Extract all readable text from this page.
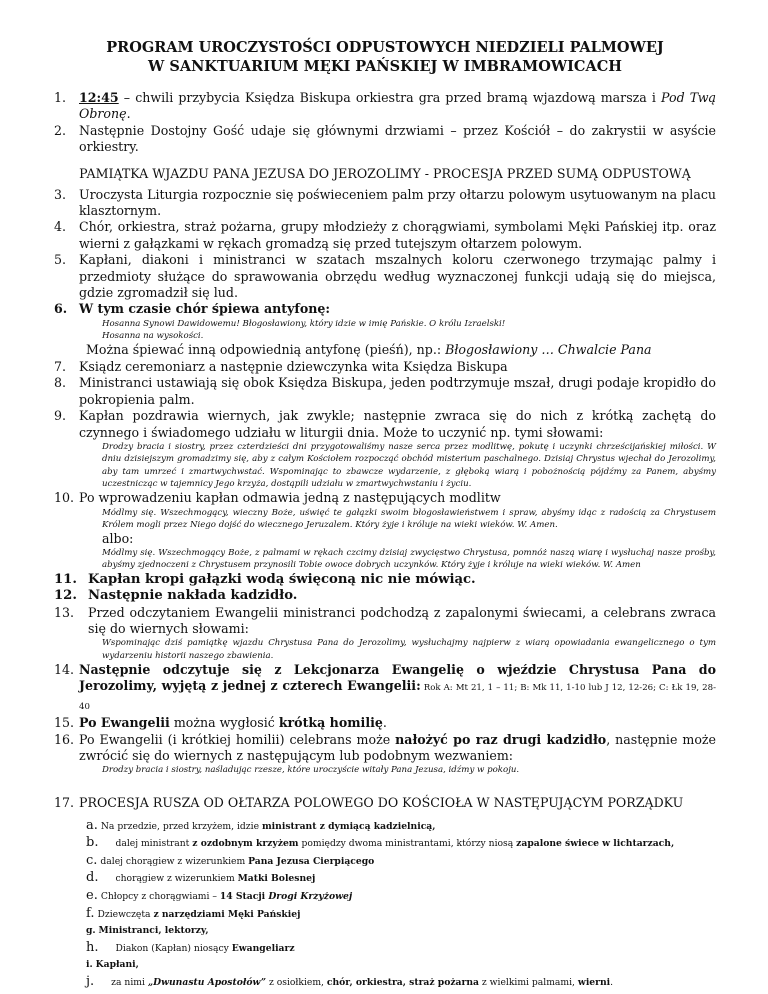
PROGRAM UROCZYSTOŚCI ODPUSTOWYCH NIEDZIELI PALMOWEJ

W SANKTUARIUM MĘKI PAŃSKIEJ W IMBRAMOWICACH

1. 12:45 – chwili przybycia Księdza Biskupa orkiestra gra przed bramą wjazdową marsza i Pod Twą Obronę.
2. Następnie Dostojny Gość udaje się głównymi drzwiami – przez Kościół – do zakrystii w asyście orkiestry.
PAMIĄTKA WJAZDU PANA JEZUSA DO JEROZOLIMY - PROCESJA PRZED SUMĄ ODPUSTOWĄ
3. Uroczysta Liturgia rozpocznie się poświeceniem palm przy ołtarzu polowym usytuowanym na placu klasztornym.
4. Chór, orkiestra, straż pożarna, grupy młodzieży z chorągwiami, symbolami Męki Pańskiej itp. oraz wierni z gałązkami w rękach gromadzą się przed tutejszym ołtarzem polowym.
5. Kapłani, diakoni i ministranci w szatach mszalnych koloru czerwonego trzymając palmy i przedmioty służące do sprawowania obrzędu według wyznaczonej funkcji udają się do miejsca, gdzie zgromadził się lud.
6. W tym czasie chór śpiewa antyfonę:
Hosanna Synowi Dawidowemu! Błogosławiony, który idzie w imię Pańskie. O królu Izraelski!
Hosanna na wysokości.
Można śpiewać inną odpowiednią antyfonę (pieśń), np.: Błogosławiony … Chwalcie Pana
7. Ksiądz ceremoniarz a następnie dziewczynka wita Księdza Biskupa
8. Ministranci ustawiają się obok Księdza Biskupa, jeden podtrzymuje mszał, drugi podaje kropidło do pokropienia palm.
9. Kapłan pozdrawia wiernych, jak zwykle; następnie zwraca się do nich z krótką zachętą do czynnego i świadomego udziału w liturgii dnia. Może to uczynić np. tymi słowami:
Drodzy bracia i siostry, przez czterdzieści dni przygotowaliśmy nasze serca przez modlitwę, pokutę i uczynki chrześcijańskiej miłości. W dniu dzisiejszym gromadzimy się, aby z całym Kościołem rozpocząć obchód misterium paschalnego. Dzisiaj Chrystus wjechał do Jerozolimy, aby tam umrzeć i zmartwychwstać. Wspominając to zbawcze wydarzenie, z głęboką wiarą i pobożnością pójdźmy za Panem, abyśmy uczestnicząc w tajemnicy Jego krzyża, dostąpili udziału w zmartwychwstaniu i życiu.
10. Po wprowadzeniu kapłan odmawia jedną z następujących modlitw
Módlmy się. Wszechmogący, wieczny Boże, uświęć te gałązki swoim błogosławieństwem i spraw, abyśmy idąc z radością za Chrystusem Królem mogli przez Niego dojść do wiecznego Jeruzalem. Który żyje i króluje na wieki wieków. W. Amen.
albo:
Módlmy się. Wszechmogący Boże, z palmami w rękach czcimy dzisiaj zwycięstwo Chrystusa, pomnóż naszą wiarę i wysłuchaj nasze prośby, abyśmy zjednoczeni z Chrystusem przynosili Tobie owoce dobrych uczynków. Który żyje i króluje na wieki wieków. W. Amen
11. Kapłan kropi gałązki wodą święconą nic nie mówiąc.
12. Następnie nakłada kadzidło.
13. Przed odczytaniem Ewangelii ministranci podchodzą z zapalonymi świecami, a celebrans zwraca się do wiernych słowami:
Wspominając dziś pamiątkę wjazdu Chrystusa Pana do Jerozolimy, wysłuchajmy najpierw z wiarą opowiadania ewangelicznego o tym wydarzeniu historii naszego zbawienia.
14. Następnie odczytuje się z Lekcjonarza Ewangelię o wjeździe Chrystusa Pana do Jerozolimy, wyjętą z jednej z czterech Ewangelii: Rok A: Mt 21, 1 – 11; B: Mk 11, 1-10 lub J 12, 12-26; C: Łk 19, 28-40
15. Po Ewangelii można wygłosić krótką homilię.
16. Po Ewangelii (i krótkiej homilii) celebrans może nałożyć po raz drugi kadzidło, następnie może zwrócić się do wiernych z następującym lub podobnym wezwaniem:
Drodzy bracia i siostry, naśladując rzesze, które uroczyście witały Pana Jezusa, idźmy w pokoju.
17. PROCESJA RUSZA OD OŁTARZA POLOWEGO DO KOŚCIOŁA W NASTĘPUJĄCYM PORZĄDKU
a. Na przedzie, przed krzyżem, idzie ministrant z dymiącą kadzielnicą,
b. dalej ministrant z ozdobnym krzyżem pomiędzy dwoma ministrantami, którzy niosą zapalone świece w lichtarzach,
c. dalej chorągiew z wizerunkiem Pana Jezusa Cierpiącego
d. chorągiew z wizerunkiem Matki Bolesnej
e. Chłopcy z chorągwiami – 14 Stacji Drogi Krzyżowej
f. Dziewczęta z narzędziami Męki Pańskiej
g. Ministranci, lektorzy,
h. Diakon (Kapłan) niosący Ewangeliarz
i. Kapłani,
j. za nimi „Dwunastu Apostołów” z osiołkiem, chór, orkiestra, straż pożarna z wielkimi palmami, wierni.
